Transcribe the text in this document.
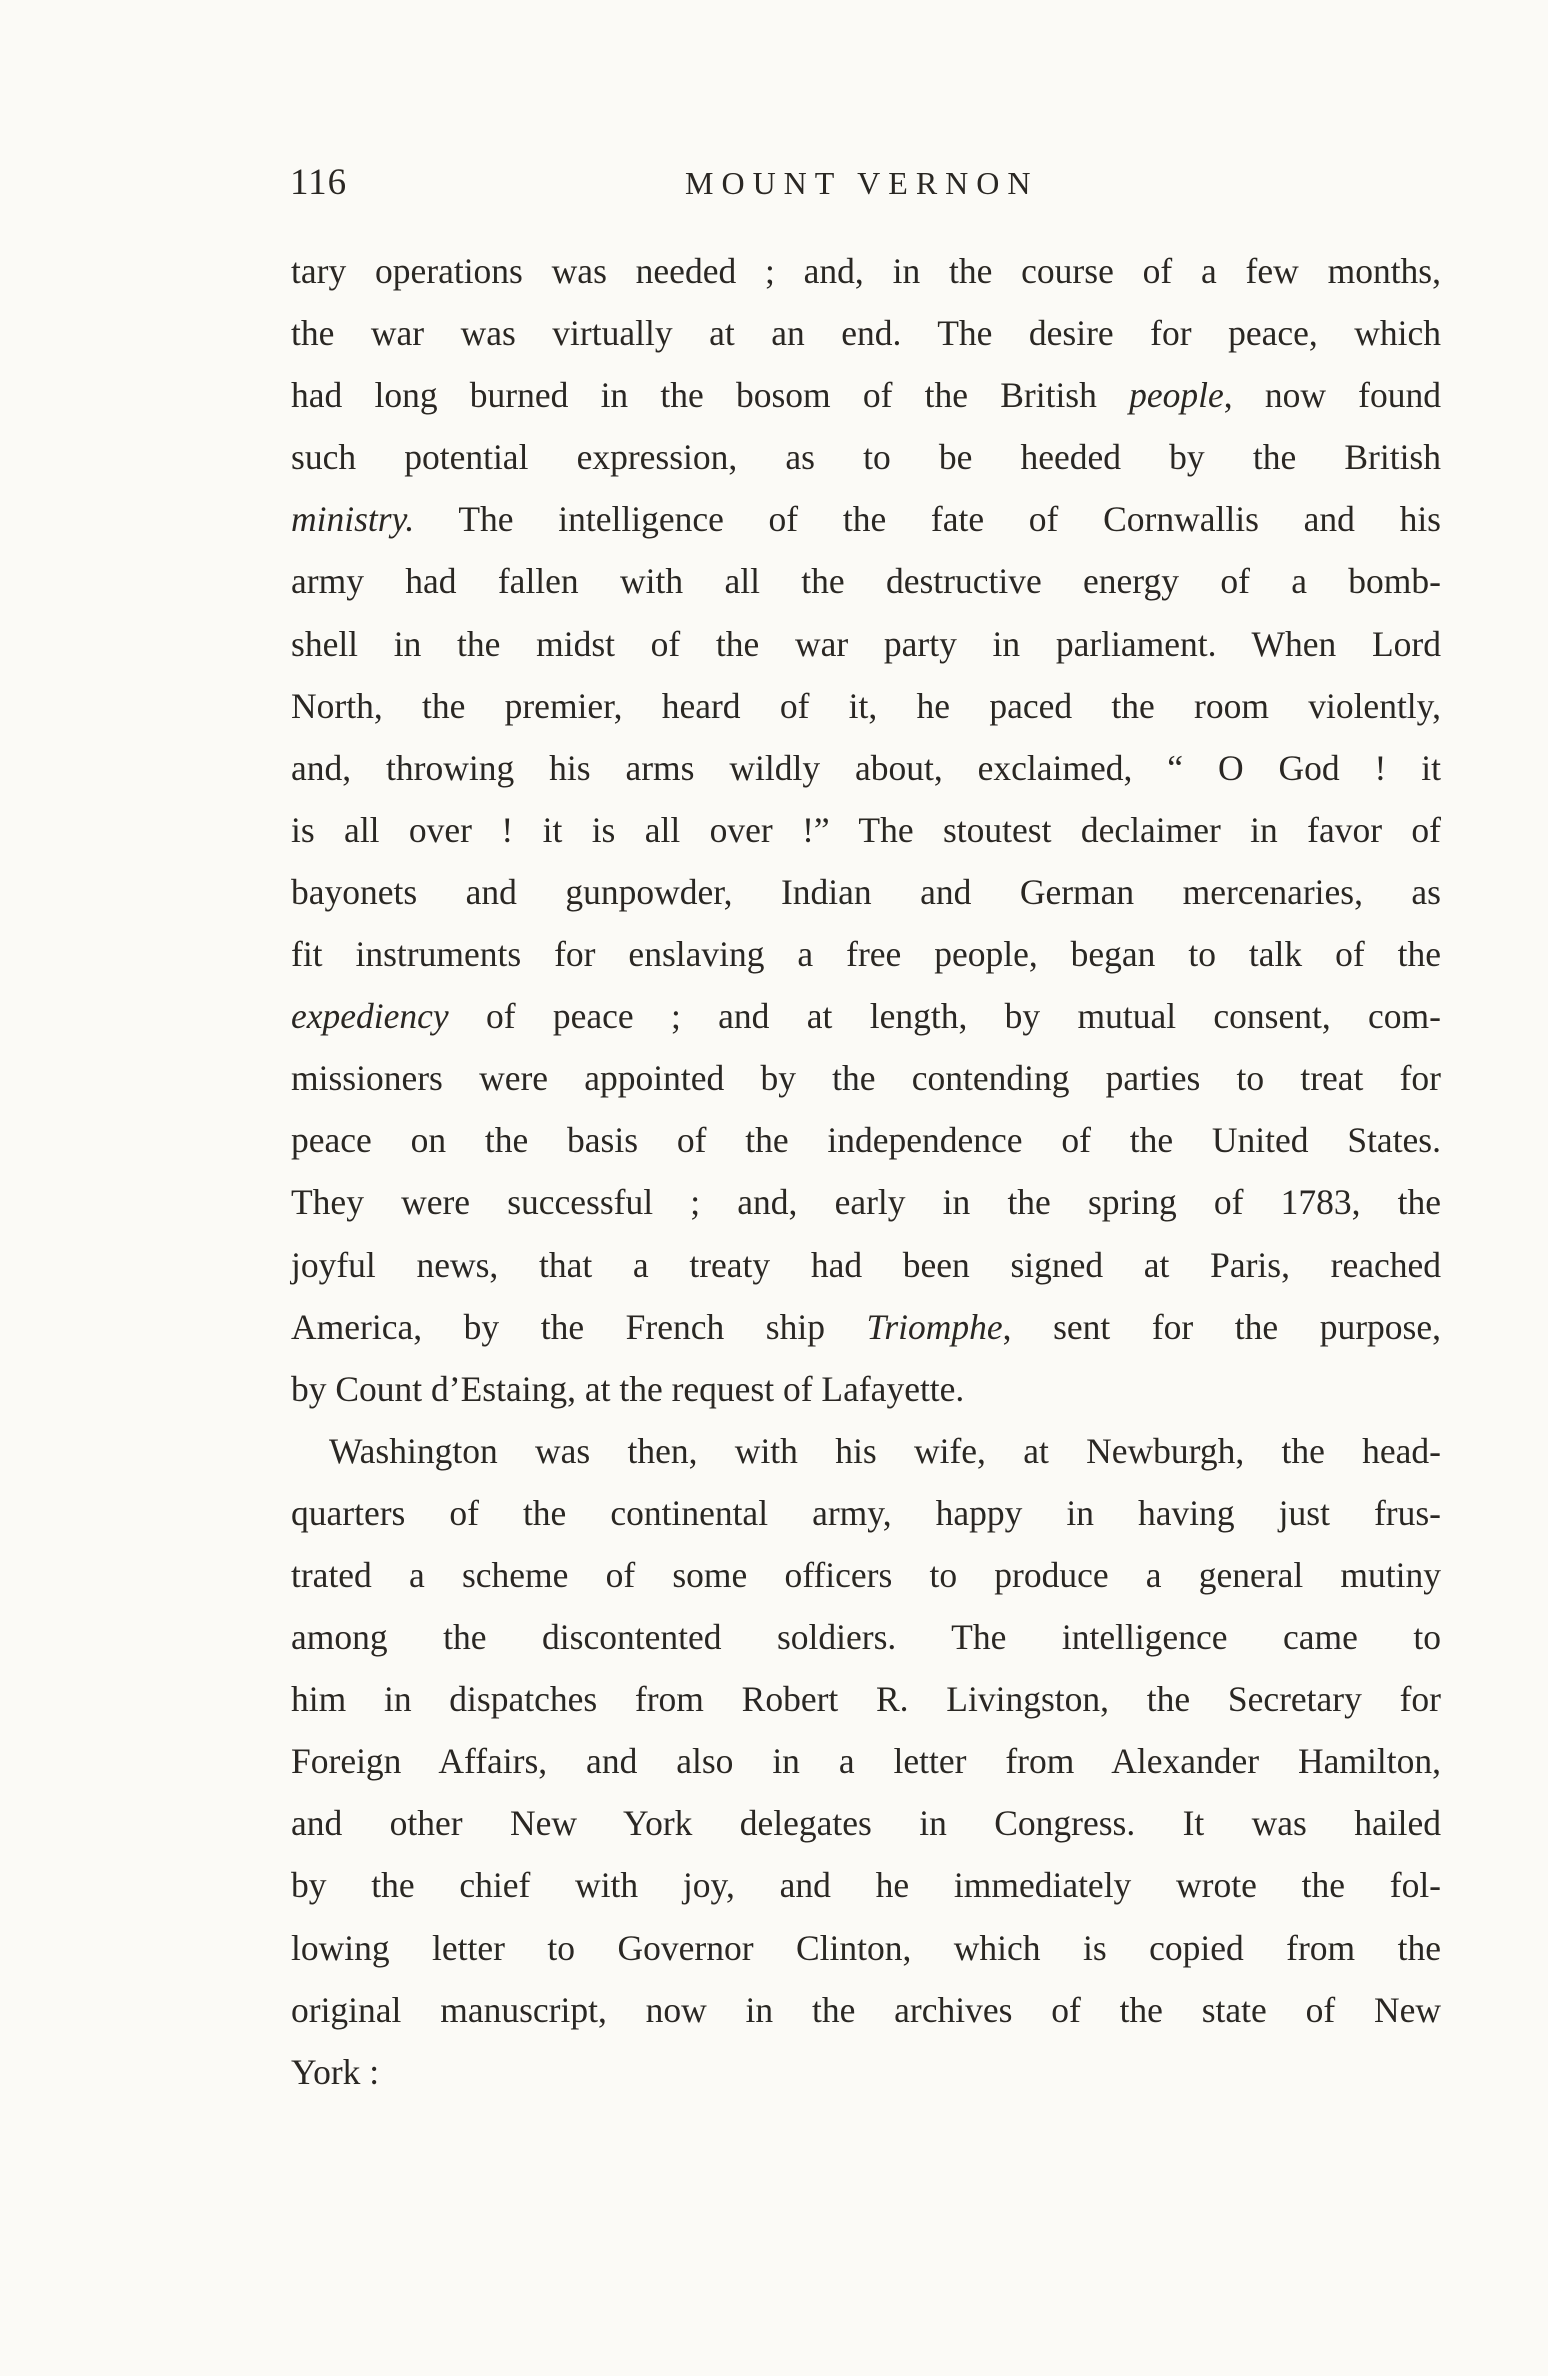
116	MOUNT VERNON
tary operations was needed ; and, in the course of a few months,
the war was virtually at an end. The desire for peace, which
had long burned in the bosom of the British people, now found
such potential expression, as to be heeded by the British
ministry. The intelligence of the fate of Cornwallis and his
army had fallen with all the destructive energy of a bomb-
shell in the midst of the war party in parliament. When Lord
North, the premier, heard of it, he paced the room violently,
and, throwing his arms wildly about, exclaimed, “ O God ! it
is all over ! it is all over !” The stoutest declaimer in favor of
bayonets and gunpowder, Indian and German mercenaries, as
fit instruments for enslaving a free people, began to talk of the
expediency of peace ; and at length, by mutual consent, com-
missioners were appointed by the contending parties to treat for
peace on the basis of the independence of the United States.
They were successful ; and, early in the spring of 1783, the
joyful news, that a treaty had been signed at Paris, reached
America, by the French ship Triomphe, sent for the purpose,
by Count d’Estaing, at the request of Lafayette.
Washington was then, with his wife, at Newburgh, the head-
quarters of the continental army, happy in having just frus-
trated a scheme of some officers to produce a general mutiny
among the discontented soldiers. The intelligence came to
him in dispatches from Robert R. Livingston, the Secretary for
Foreign Affairs, and also in a letter from Alexander Hamilton,
and other New York delegates in Congress. It was hailed
by the chief with joy, and he immediately wrote the fol-
lowing letter to Governor Clinton, which is copied from the
original manuscript, now in the archives of the state of New
York :
